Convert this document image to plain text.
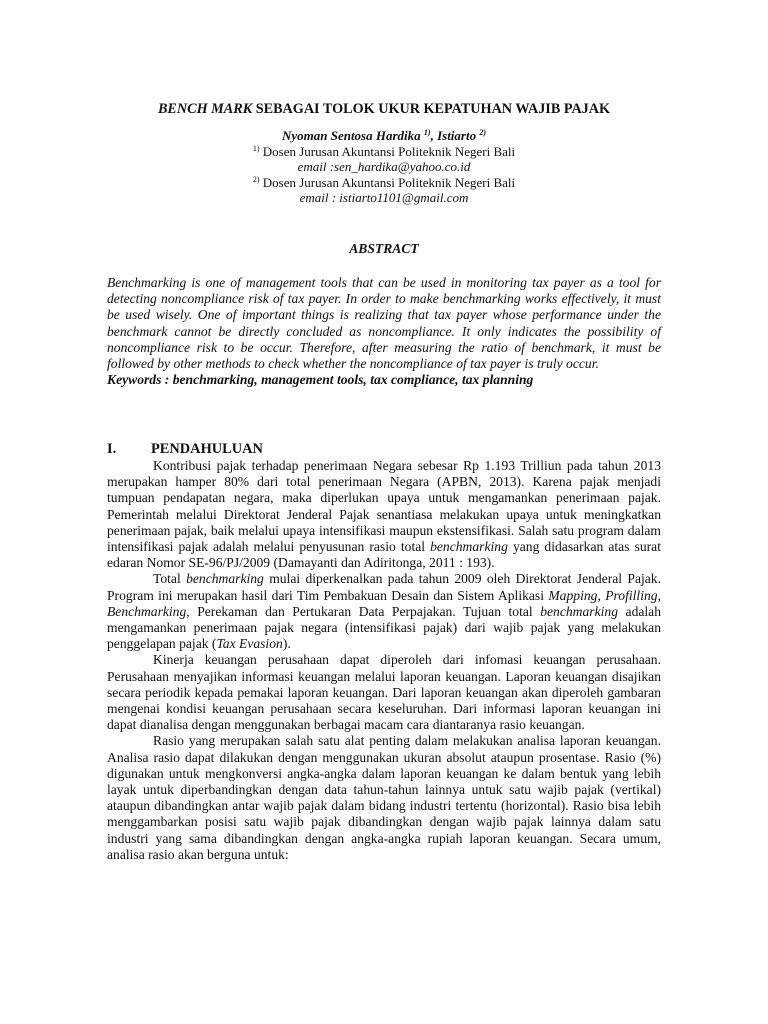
BENCH MARK SEBAGAI TOLOK UKUR KEPATUHAN WAJIB PAJAK
Nyoman Sentosa Hardika $^{1)}$, Istiarto $^{2)}$
$^{1)}$ Dosen Jurusan Akuntansi Politeknik Negeri Bali
email :sen_hardika@yahoo.co.id
$^{2)}$ Dosen Jurusan Akuntansi Politeknik Negeri Bali
email : istiarto1101@gmail.com
ABSTRACT

Benchmarking is one of management tools that can be used in monitoring tax payer as a tool for detecting noncompliance risk of tax payer. In order to make benchmarking works effectively, it must be used wisely. One of important things is realizing that tax payer whose performance under the benchmark cannot be directly concluded as noncompliance. It only indicates the possibility of noncompliance risk to be occur. Therefore, after measuring the ratio of benchmark, it must be followed by other methods to check whether the noncompliance of tax payer is truly occur.

Keywords : benchmarking, management tools, tax compliance, tax planning

I. PENDAHULUAN

Kontribusi pajak terhadap penerimaan Negara sebesar Rp 1.193 Trilliun pada tahun 2013 merupakan hamper 80% dari total penerimaan Negara (APBN, 2013). Karena pajak menjadi tumpuan pendapatan negara, maka diperlukan upaya untuk mengamankan penerimaan pajak. Pemerintah melalui Direktorat Jenderal Pajak senantiasa melakukan upaya untuk meningkatkan penerimaan pajak, baik melalui upaya intensifikasi maupun ekstensifikasi. Salah satu program dalam intensifikasi pajak adalah melalui penyusunan rasio total benchmarking yang didasarkan atas surat edaran Nomor SE-96/PJ/2009 (Damayanti dan Adiritonga, 2011 : 193).

Total benchmarking mulai diperkenalkan pada tahun 2009 oleh Direktorat Jenderal Pajak. Program ini merupakan hasil dari Tim Pembakuan Desain dan Sistem Aplikasi Mapping, Profilling, Benchmarking, Perekaman dan Pertukaran Data Perpajakan. Tujuan total benchmarking adalah mengamankan penerimaan pajak negara (intensifikasi pajak) dari wajib pajak yang melakukan penggelapan pajak (Tax Evasion).

Kinerja keuangan perusahaan dapat diperoleh dari infomasi keuangan perusahaan. Perusahaan menyajikan informasi keuangan melalui laporan keuangan. Laporan keuangan disajikan secara periodik kepada pemakai laporan keuangan. Dari laporan keuangan akan diperoleh gambaran mengenai kondisi keuangan perusahaan secara keseluruhan. Dari informasi laporan keuangan ini dapat dianalisa dengan menggunakan berbagai macam cara diantaranya rasio keuangan.

Rasio yang merupakan salah satu alat penting dalam melakukan analisa laporan keuangan. Analisa rasio dapat dilakukan dengan menggunakan ukuran absolut ataupun prosentase. Rasio (%) digunakan untuk mengkonversi angka-angka dalam laporan keuangan ke dalam bentuk yang lebih layak untuk diperbandingkan dengan data tahun-tahun lainnya untuk satu wajib pajak (vertikal) ataupun dibandingkan antar wajib pajak dalam bidang industri tertentu (horizontal). Rasio bisa lebih menggambarkan posisi satu wajib pajak dibandingkan dengan wajib pajak lainnya dalam satu industri yang sama dibandingkan dengan angka-angka rupiah laporan keuangan. Secara umum, analisa rasio akan berguna untuk:
